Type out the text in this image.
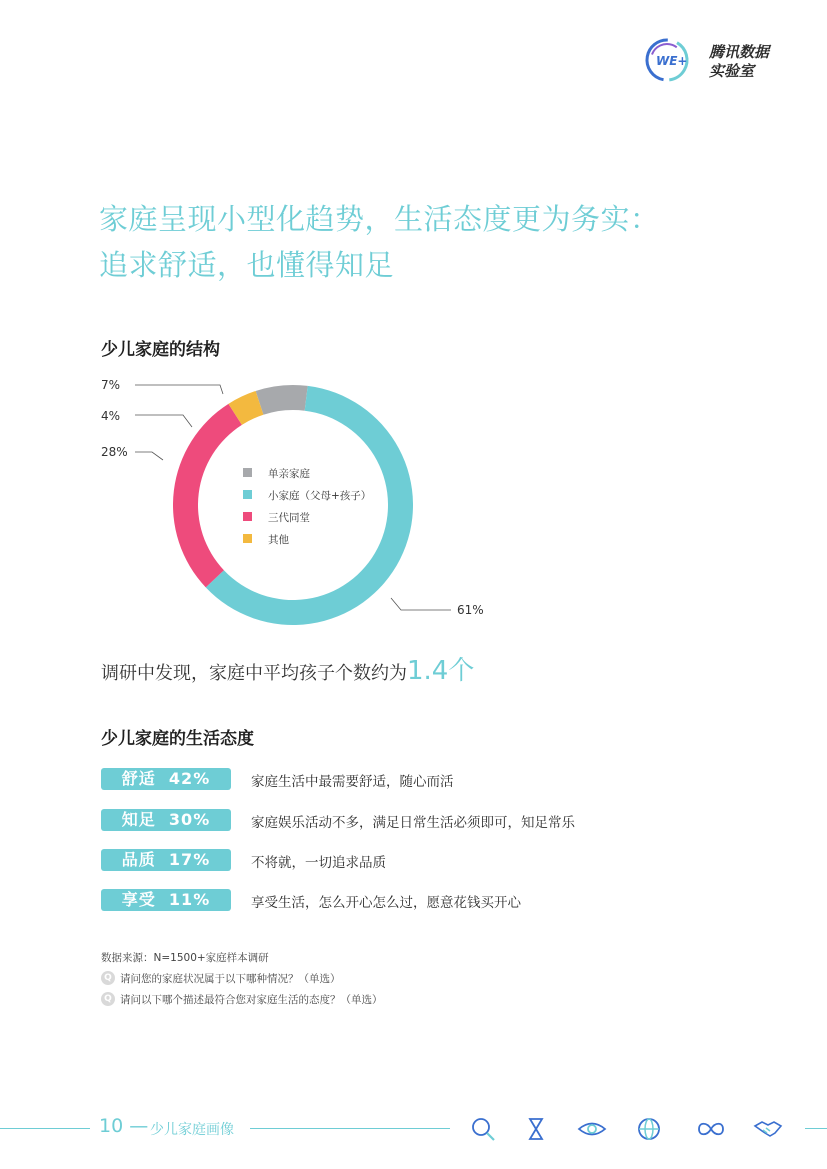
WE+ 腾讯数据
实验室
家庭呈现小型化趋势，生活态度更为务实：
追求舒适，也懂得知足
少儿家庭的结构
7%
4%
28%
61%
单亲家庭
小家庭（父母+孩子）
三代同堂
其他
调研中发现，家庭中平均孩子个数约为1.4个
少儿家庭的生活态度
舒适 42%	家庭生活中最需要舒适，随心而活
知足 30%	家庭娱乐活动不多，满足日常生活必须即可，知足常乐
品质 17%	不将就，一切追求品质
享受 11%	享受生活，怎么开心怎么过，愿意花钱买开心
数据来源：N=1500+家庭样本调研
Q 请问您的家庭状况属于以下哪种情况？（单选）
Q 请问以下哪个描述最符合您对家庭生活的态度？（单选）
10 — 少儿家庭画像
